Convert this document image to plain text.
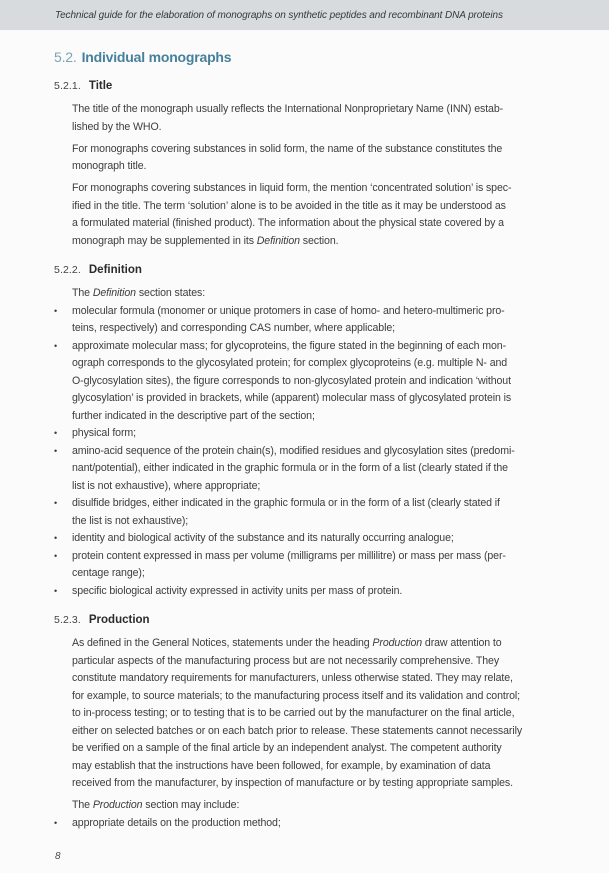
Technical guide for the elaboration of monographs on synthetic peptides and recombinant DNA proteins
5.2. Individual monographs
5.2.1. Title
The title of the monograph usually reflects the International Nonproprietary Name (INN) estab-
lished by the WHO.
For monographs covering substances in solid form, the name of the substance constitutes the
monograph title.
For monographs covering substances in liquid form, the mention ‘concentrated solution’ is spec-
ified in the title. The term ‘solution’ alone is to be avoided in the title as it may be understood as
a formulated material (finished product). The information about the physical state covered by a
monograph may be supplemented in its Definition section.
5.2.2. Definition
The Definition section states:
•	molecular formula (monomer or unique protomers in case of homo- and hetero-multimeric pro-
teins, respectively) and corresponding CAS number, where applicable;
•	approximate molecular mass; for glycoproteins, the figure stated in the beginning of each mon-
ograph corresponds to the glycosylated protein; for complex glycoproteins (e.g. multiple N- and
O-glycosylation sites), the figure corresponds to non-glycosylated protein and indication ‘without
glycosylation’ is provided in brackets, while (apparent) molecular mass of glycosylated protein is
further indicated in the descriptive part of the section;
•	physical form;
•	amino-acid sequence of the protein chain(s), modified residues and glycosylation sites (predomi-
nant/potential), either indicated in the graphic formula or in the form of a list (clearly stated if the
list is not exhaustive), where appropriate;
•	disulfide bridges, either indicated in the graphic formula or in the form of a list (clearly stated if
the list is not exhaustive);
•	identity and biological activity of the substance and its naturally occurring analogue;
•	protein content expressed in mass per volume (milligrams per millilitre) or mass per mass (per-
centage range);
•	specific biological activity expressed in activity units per mass of protein.
5.2.3. Production
As defined in the General Notices, statements under the heading Production draw attention to
particular aspects of the manufacturing process but are not necessarily comprehensive. They
constitute mandatory requirements for manufacturers, unless otherwise stated. They may relate,
for example, to source materials; to the manufacturing process itself and its validation and control;
to in-process testing; or to testing that is to be carried out by the manufacturer on the final article,
either on selected batches or on each batch prior to release. These statements cannot necessarily
be verified on a sample of the final article by an independent analyst. The competent authority
may establish that the instructions have been followed, for example, by examination of data
received from the manufacturer, by inspection of manufacture or by testing appropriate samples.
The Production section may include:
•	appropriate details on the production method;
8
